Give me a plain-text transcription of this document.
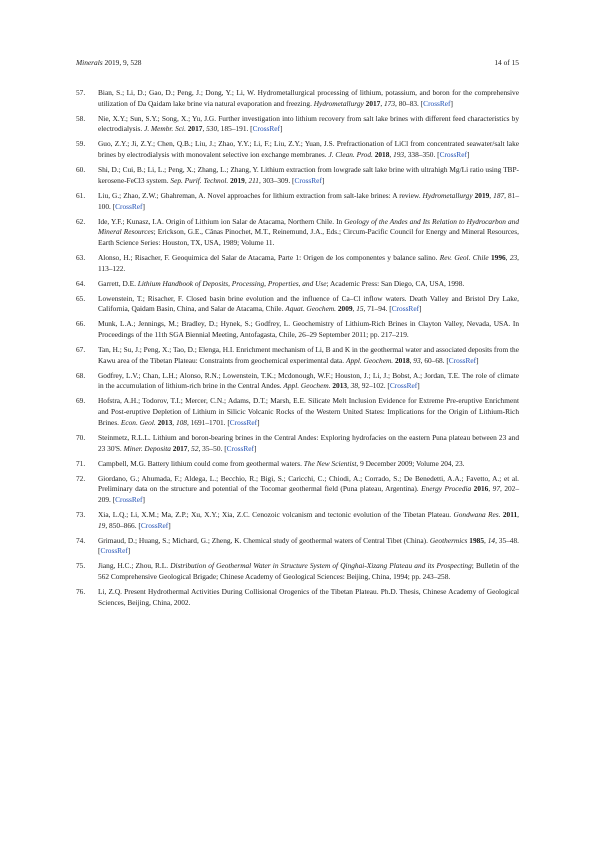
Minerals 2019, 9, 528	14 of 15
57. Bian, S.; Li, D.; Gao, D.; Peng, J.; Dong, Y.; Li, W. Hydrometallurgical processing of lithium, potassium, and boron for the comprehensive utilization of Da Qaidam lake brine via natural evaporation and freezing. Hydrometallurgy 2017, 173, 80–83. [CrossRef]
58. Nie, X.Y.; Sun, S.Y.; Song, X.; Yu, J.G. Further investigation into lithium recovery from salt lake brines with different feed characteristics by electrodialysis. J. Membr. Sci. 2017, 530, 185–191. [CrossRef]
59. Guo, Z.Y.; Ji, Z.Y.; Chen, Q.B.; Liu, J.; Zhao, Y.Y.; Li, F.; Liu, Z.Y.; Yuan, J.S. Prefractionation of LiCl from concentrated seawater/salt lake brines by electrodialysis with monovalent selective ion exchange membranes. J. Clean. Prod. 2018, 193, 338–350. [CrossRef]
60. Shi, D.; Cui, B.; Li, L.; Peng, X.; Zhang, L.; Zhang, Y. Lithium extraction from lowgrade salt lake brine with ultrahigh Mg/Li ratio using TBP-kerosene-FeCl3 system. Sep. Purif. Technol. 2019, 211, 303–309. [CrossRef]
61. Liu, G.; Zhao, Z.W.; Ghahreman, A. Novel approaches for lithium extraction from salt-lake brines: A review. Hydrometallurgy 2019, 187, 81–100. [CrossRef]
62. Ide, Y.F.; Kunasz, I.A. Origin of Lithium ion Salar de Atacama, Northern Chile. In Geology of the Andes and Its Relation to Hydrocarbon and Mineral Resources; Erickson, G.E., Cãnas Pinochet, M.T., Reinemund, J.A., Eds.; Circum-Pacific Council for Energy and Mineral Resources, Earth Science Series: Houston, TX, USA, 1989; Volume 11.
63. Alonso, H.; Risacher, F. Geoquimica del Salar de Atacama, Parte 1: Origen de los componentes y balance salino. Rev. Geol. Chile 1996, 23, 113–122.
64. Garrett, D.E. Lithium Handbook of Deposits, Processing, Properties, and Use; Academic Press: San Diego, CA, USA, 1998.
65. Lowenstein, T.; Risacher, F. Closed basin brine evolution and the influence of Ca–Cl inflow waters. Death Valley and Bristol Dry Lake, California, Qaidam Basin, China, and Salar de Atacama, Chile. Aquat. Geochem. 2009, 15, 71–94. [CrossRef]
66. Munk, L.A.; Jennings, M.; Bradley, D.; Hynek, S.; Godfrey, L. Geochemistry of Lithium-Rich Brines in Clayton Valley, Nevada, USA. In Proceedings of the 11th SGA Biennial Meeting, Antofagasta, Chile, 26–29 September 2011; pp. 217–219.
67. Tan, H.; Su, J.; Peng, X.; Tao, D.; Elenga, H.I. Enrichment mechanism of Li, B and K in the geothermal water and associated deposits from the Kawu area of the Tibetan Plateau: Constraints from geochemical experimental data. Appl. Geochem. 2018, 93, 60–68. [CrossRef]
68. Godfrey, L.V.; Chan, L.H.; Alonso, R.N.; Lowenstein, T.K.; Mcdonough, W.F.; Houston, J.; Li, J.; Bobst, A.; Jordan, T.E. The role of climate in the accumulation of lithium-rich brine in the Central Andes. Appl. Geochem. 2013, 38, 92–102. [CrossRef]
69. Hofstra, A.H.; Todorov, T.I.; Mercer, C.N.; Adams, D.T.; Marsh, E.E. Silicate Melt Inclusion Evidence for Extreme Pre-eruptive Enrichment and Post-eruptive Depletion of Lithium in Silicic Volcanic Rocks of the Western United States: Implications for the Origin of Lithium-Rich Brines. Econ. Geol. 2013, 108, 1691–1701. [CrossRef]
70. Steinmetz, R.L.L. Lithium and boron-bearing brines in the Central Andes: Exploring hydrofacies on the eastern Puna plateau between 23 and 23 30'S. Miner. Deposita 2017, 52, 35–50. [CrossRef]
71. Campbell, M.G. Battery lithium could come from geothermal waters. The New Scientist, 9 December 2009; Volume 204, 23.
72. Giordano, G.; Ahumada, F.; Aldega, L.; Becchio, R.; Bigi, S.; Caricchi, C.; Chiodi, A.; Corrado, S.; De Benedetti, A.A.; Favetto, A.; et al. Preliminary data on the structure and potential of the Tocomar geothermal field (Puna plateau, Argentina). Energy Procedia 2016, 97, 202–209. [CrossRef]
73. Xia, L.Q.; Li, X.M.; Ma, Z.P.; Xu, X.Y.; Xia, Z.C. Cenozoic volcanism and tectonic evolution of the Tibetan Plateau. Gondwana Res. 2011, 19, 850–866. [CrossRef]
74. Grimaud, D.; Huang, S.; Michard, G.; Zheng, K. Chemical study of geothermal waters of Central Tibet (China). Geothermics 1985, 14, 35–48. [CrossRef]
75. Jiang, H.C.; Zhou, R.L. Distribution of Geothermal Water in Structure System of Qinghai-Xizang Plateau and its Prospecting; Bulletin of the 562 Comprehensive Geological Brigade; Chinese Academy of Geological Sciences: Beijing, China, 1994; pp. 243–258.
76. Li, Z.Q. Present Hydrothermal Activities During Collisional Orogenics of the Tibetan Plateau. Ph.D. Thesis, Chinese Academy of Geological Sciences, Beijing, China, 2002.
